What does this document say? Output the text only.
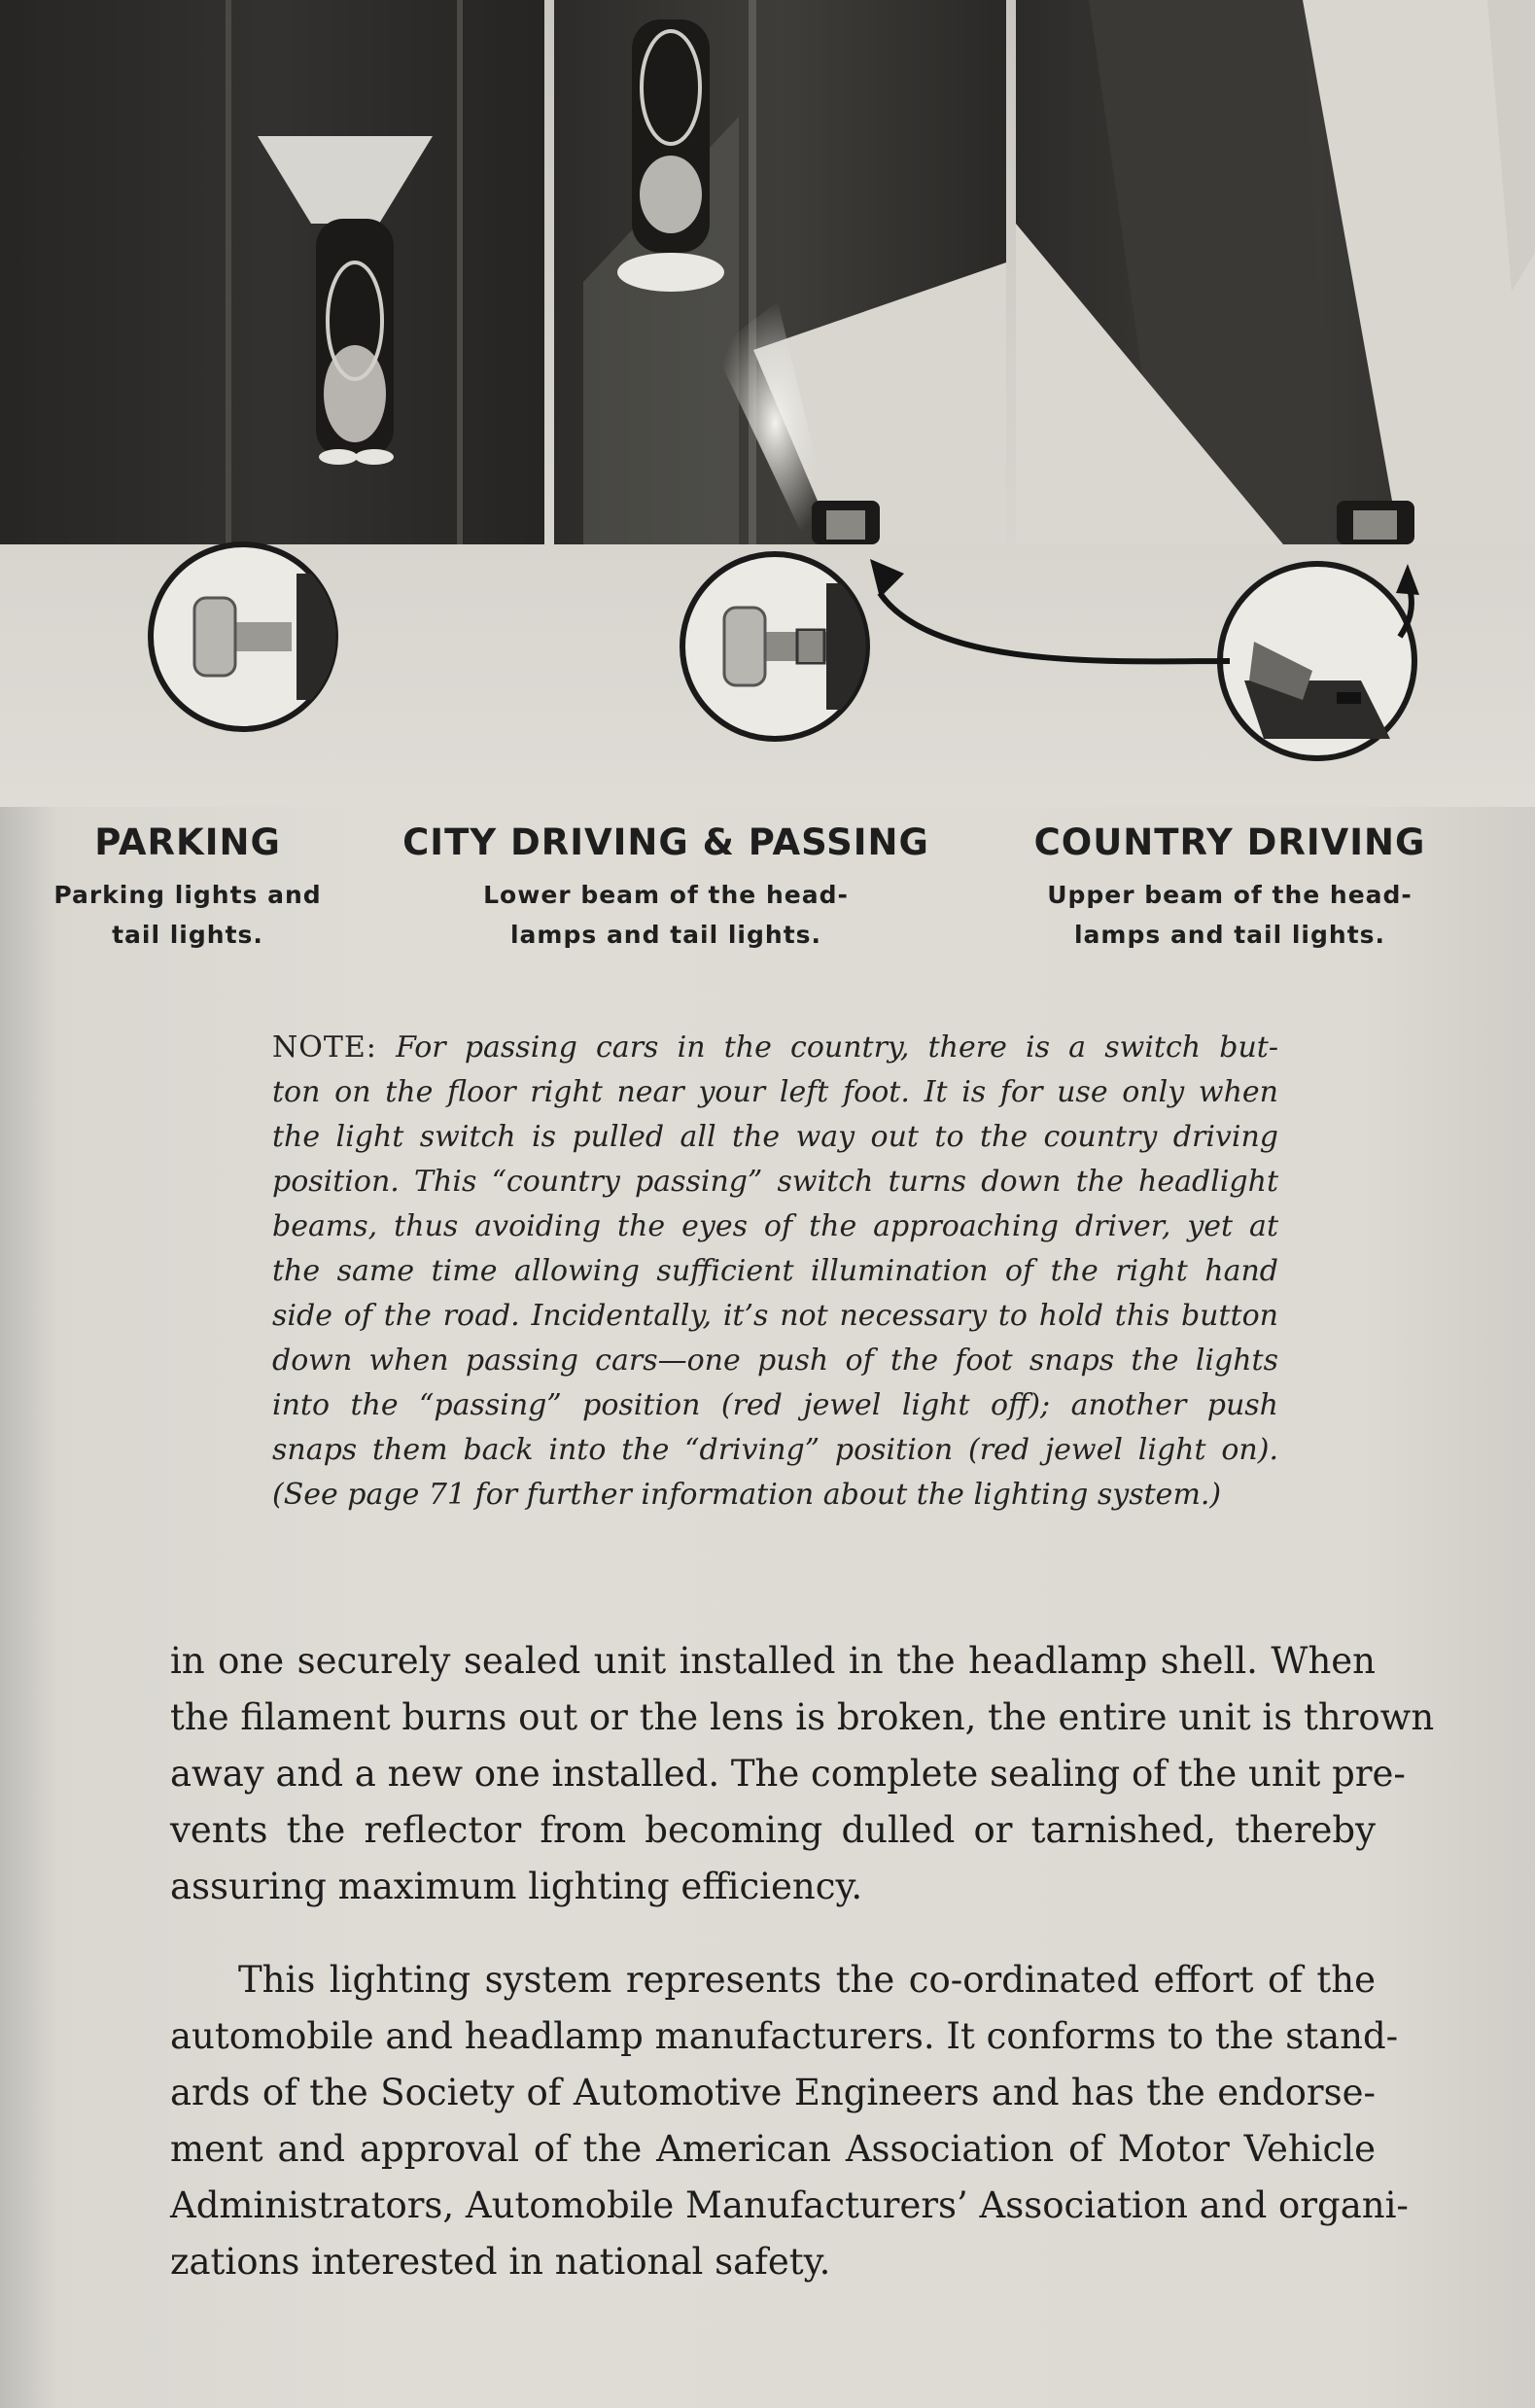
PARKING
Parking lights and
tail lights.
CITY DRIVING & PASSING
Lower beam of the head-
lamps and tail lights.
COUNTRY DRIVING
Upper beam of the head-
lamps and tail lights.
NOTE: For passing cars in the country, there is a switch but-
ton on the floor right near your left foot. It is for use only when
the light switch is pulled all the way out to the country driving
position. This “country passing” switch turns down the headlight
beams, thus avoiding the eyes of the approaching driver, yet at
the same time allowing sufficient illumination of the right hand
side of the road. Incidentally, it’s not necessary to hold this button
down when passing cars—one push of the foot snaps the lights
into the “passing” position (red jewel light off); another push
snaps them back into the “driving” position (red jewel light on).
(See page 71 for further information about the lighting system.)
in one securely sealed unit installed in the headlamp shell. When
the filament burns out or the lens is broken, the entire unit is thrown
away and a new one installed. The complete sealing of the unit pre-
vents the reflector from becoming dulled or tarnished, thereby
assuring maximum lighting efficiency.
This lighting system represents the co-ordinated effort of the
automobile and headlamp manufacturers. It conforms to the stand-
ards of the Society of Automotive Engineers and has the endorse-
ment and approval of the American Association of Motor Vehicle
Administrators, Automobile Manufacturers’ Association and organi-
zations interested in national safety.
